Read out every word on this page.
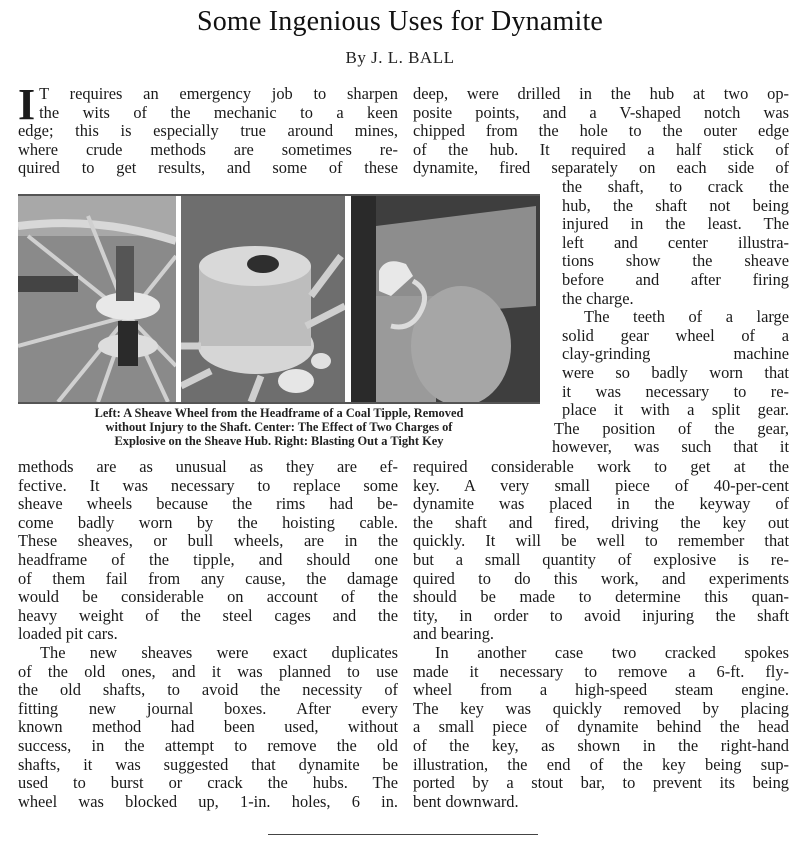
Some Ingenious Uses for Dynamite
By J. L. BALL
I T requires an emergency job to sharpen
the wits of the mechanic to a keen
edge; this is especially true around mines,
where crude methods are sometimes re-
quired to get results, and some of these
deep, were drilled in the hub at two op-
posite points, and a V-shaped notch was
chipped from the hole to the outer edge
of the hub. It required a half stick of
dynamite, fired separately on each side of
the shaft, to crack the
hub, the shaft not being
injured in the least. The
left and center illustra-
tions show the sheave
before and after firing
the charge.
The teeth of a large
solid gear wheel of a
clay-grinding machine
were so badly worn that
it was necessary to re-
place it with a split gear.
The position of the gear,
however, was such that it
Left: A Sheave Wheel from the Headframe of a Coal Tipple, Removed
without Injury to the Shaft. Center: The Effect of Two Charges of
Explosive on the Sheave Hub. Right: Blasting Out a Tight Key
methods are as unusual as they are ef-
fective. It was necessary to replace some
sheave wheels because the rims had be-
come badly worn by the hoisting cable.
These sheaves, or bull wheels, are in the
headframe of the tipple, and should one
of them fail from any cause, the damage
would be considerable on account of the
heavy weight of the steel cages and the
loaded pit cars.
The new sheaves were exact duplicates
of the old ones, and it was planned to use
the old shafts, to avoid the necessity of
fitting new journal boxes. After every
known method had been used, without
success, in the attempt to remove the old
shafts, it was suggested that dynamite be
used to burst or crack the hubs. The
wheel was blocked up, 1-in. holes, 6 in.
required considerable work to get at the
key. A very small piece of 40-per-cent
dynamite was placed in the keyway of
the shaft and fired, driving the key out
quickly. It will be well to remember that
but a small quantity of explosive is re-
quired to do this work, and experiments
should be made to determine this quan-
tity, in order to avoid injuring the shaft
and bearing.
In another case two cracked spokes
made it necessary to remove a 6-ft. fly-
wheel from a high-speed steam engine.
The key was quickly removed by placing
a small piece of dynamite behind the head
of the key, as shown in the right-hand
illustration, the end of the key being sup-
ported by a stout bar, to prevent its being
bent downward.
